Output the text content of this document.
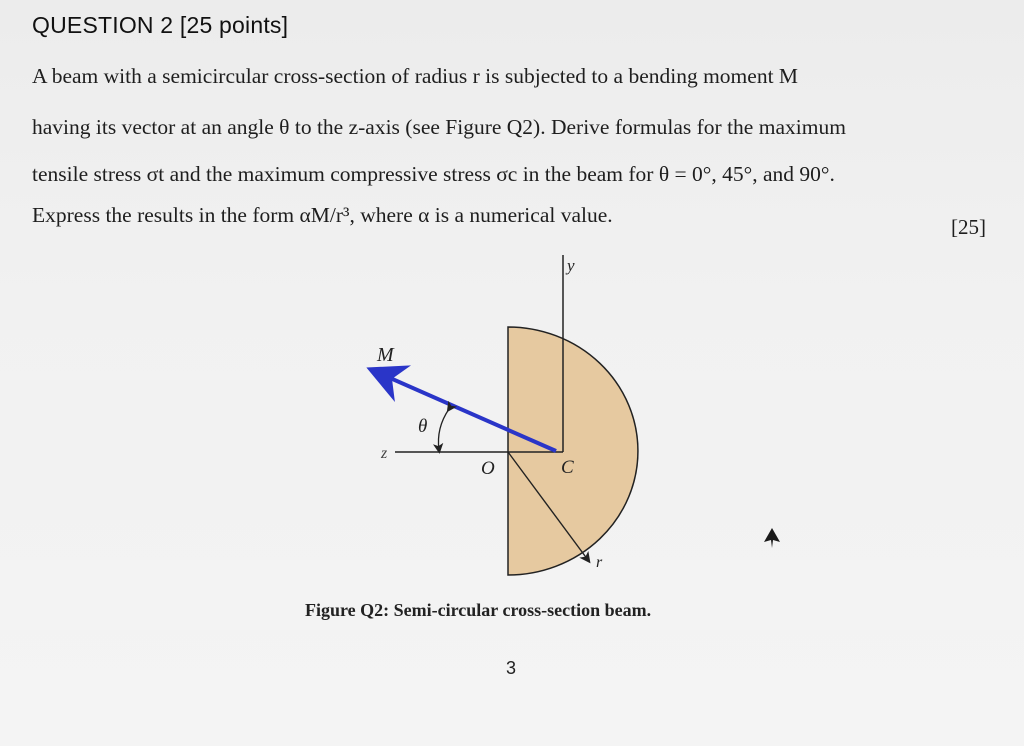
QUESTION 2 [25 points]
A beam with a semicircular cross-section of radius r is subjected to a bending moment M
having its vector at an angle θ to the z-axis (see Figure Q2). Derive formulas for the maximum
tensile stress σt and the maximum compressive stress σc in the beam for θ = 0°, 45°, and 90°.
Express the results in the form αM/r³, where α is a numerical value.	[25]
y
z
r
O	C
M
θ
Figure Q2: Semi-circular cross-section beam.
3
